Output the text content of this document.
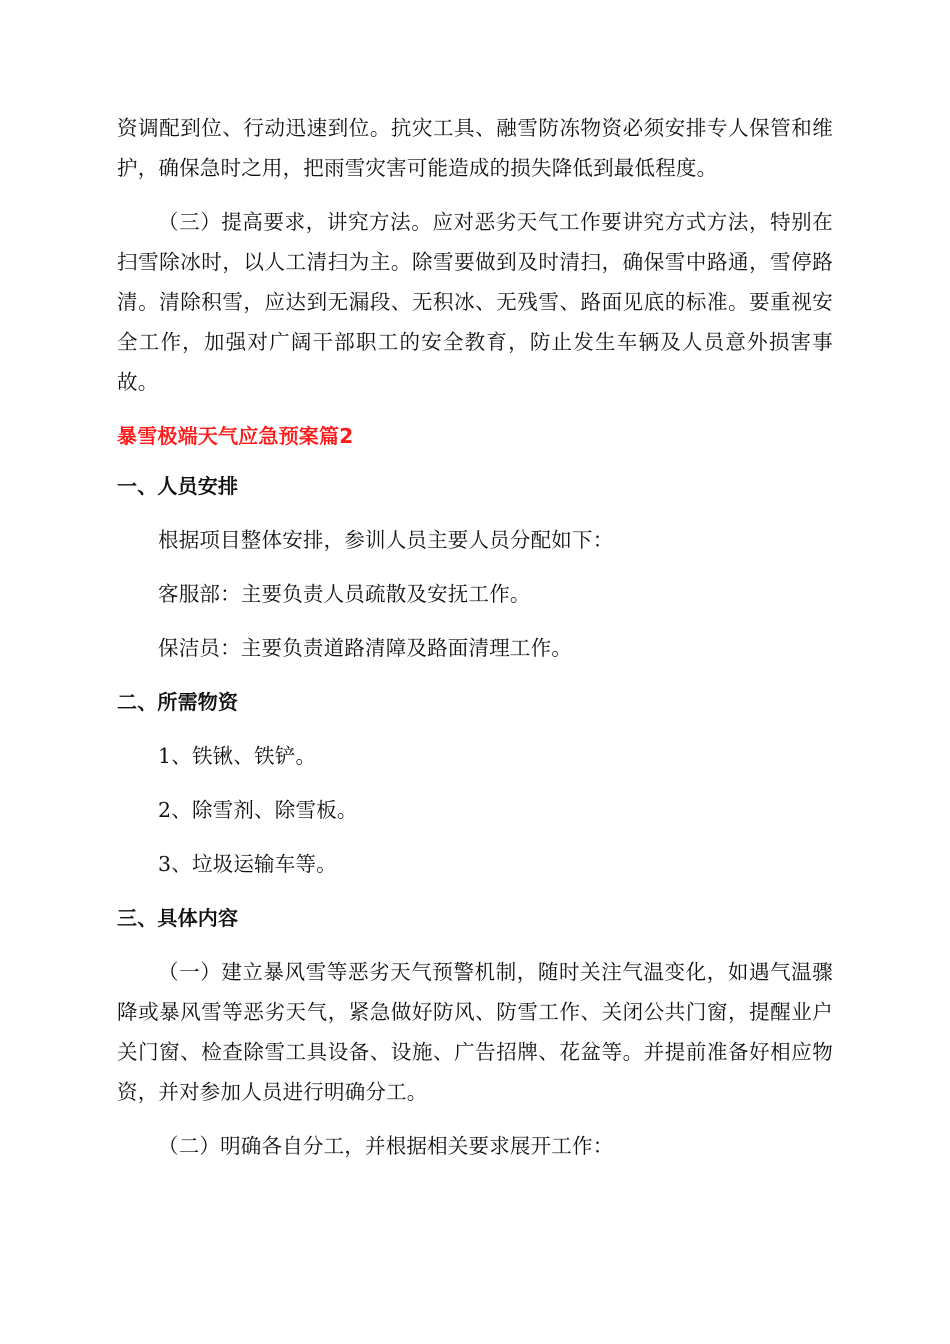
资调配到位、行动迅速到位。抗灾工具、融雪防冻物资必须安排专人保管和维护，确保急时之用，把雨雪灾害可能造成的损失降低到最低程度。

（三）提高要求，讲究方法。应对恶劣天气工作要讲究方式方法，特别在扫雪除冰时，以人工清扫为主。除雪要做到及时清扫，确保雪中路通，雪停路清。清除积雪，应达到无漏段、无积冰、无残雪、路面见底的标准。要重视安全工作，加强对广阔干部职工的安全教育，防止发生车辆及人员意外损害事故。

暴雪极端天气应急预案篇2

一、人员安排

根据项目整体安排，参训人员主要人员分配如下：

客服部：主要负责人员疏散及安抚工作。

保洁员：主要负责道路清障及路面清理工作。

二、所需物资

1、铁锹、铁铲。

2、除雪剂、除雪板。

3、垃圾运输车等。

三、具体内容

（一）建立暴风雪等恶劣天气预警机制，随时关注气温变化，如遇气温骤降或暴风雪等恶劣天气，紧急做好防风、防雪工作、关闭公共门窗，提醒业户关门窗、检查除雪工具设备、设施、广告招牌、花盆等。并提前准备好相应物资，并对参加人员进行明确分工。

（二）明确各自分工，并根据相关要求展开工作：
